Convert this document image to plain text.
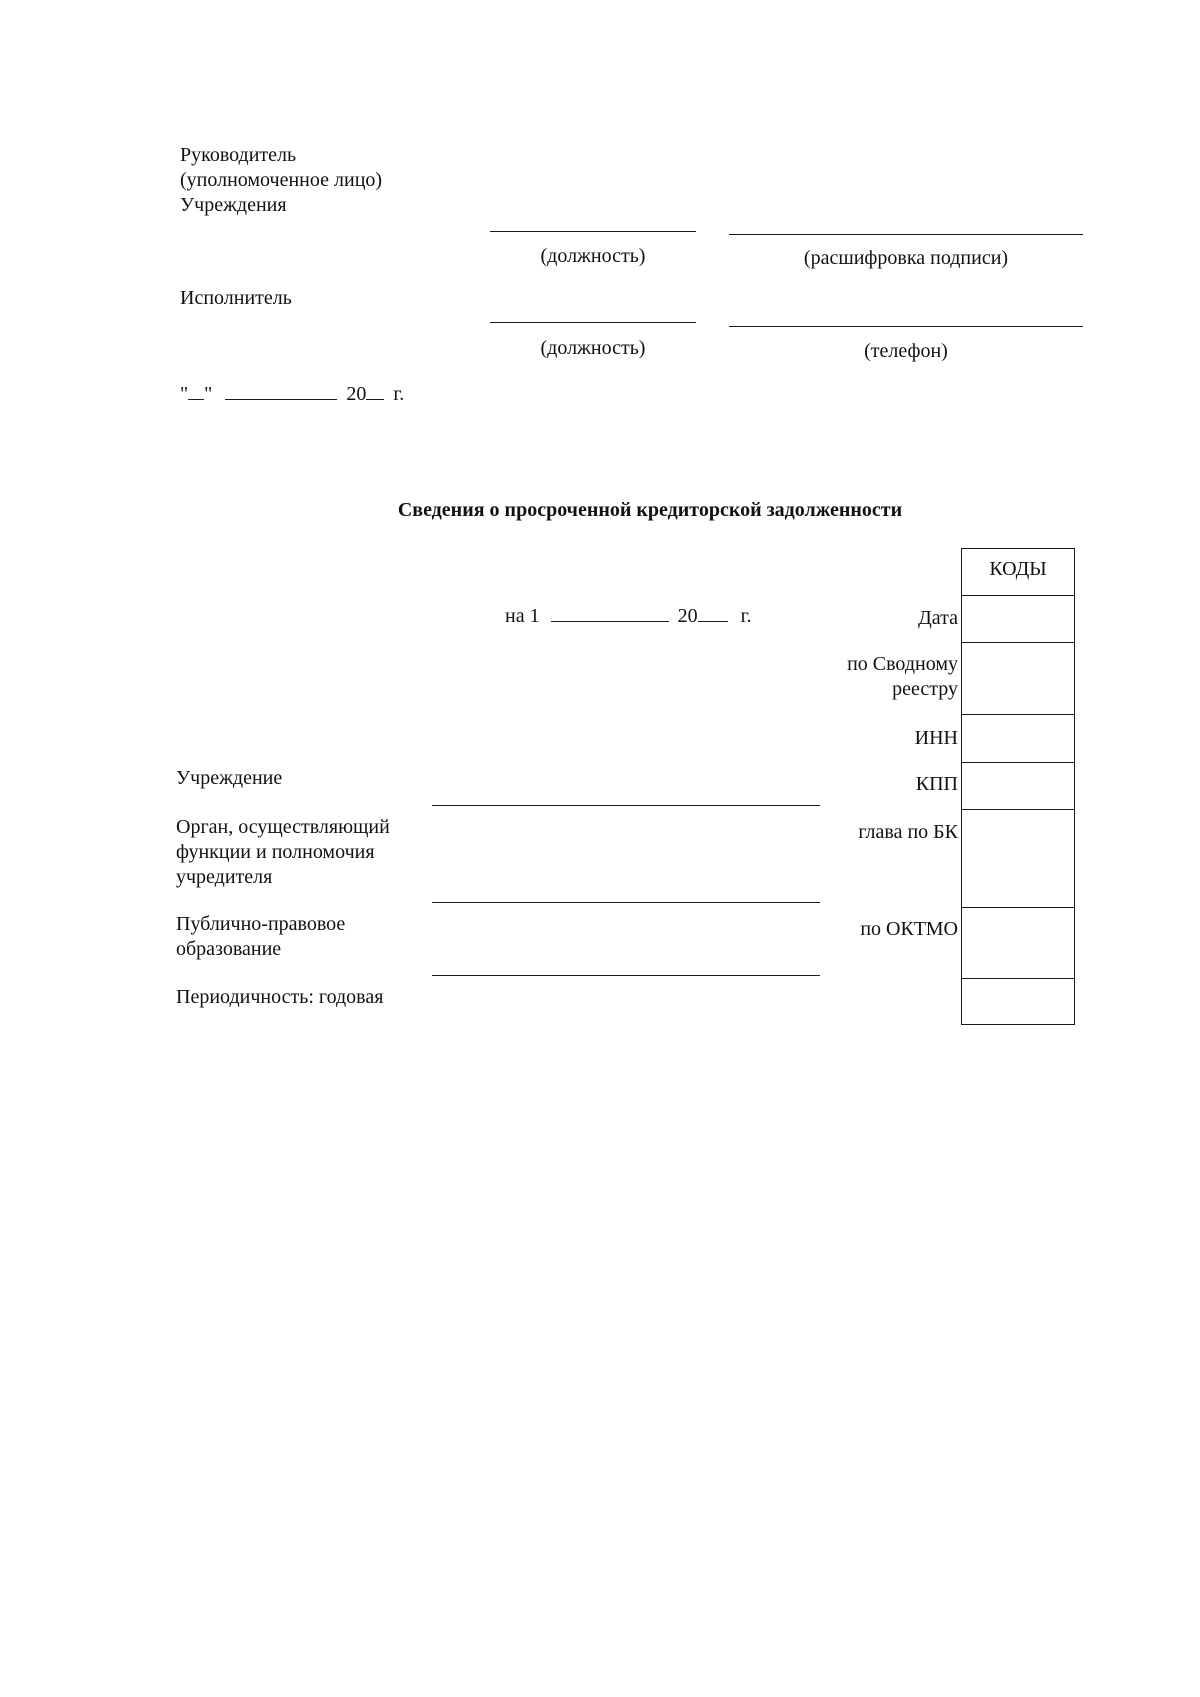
Руководитель
(уполномоченное лицо)
Учреждения
(должность)	(расшифровка подписи)
Исполнитель
(должность)	(телефон)
" "	20 г.
Сведения о просроченной кредиторской задолженности
на 1	20 г.
КОДЫ
Дата
по Сводному
реестру
ИНН
КПП
глава по БК
по ОКТМО
Учреждение
Орган, осуществляющий
функции и полномочия
учредителя
Публично-правовое
образование
Периодичность: годовая
